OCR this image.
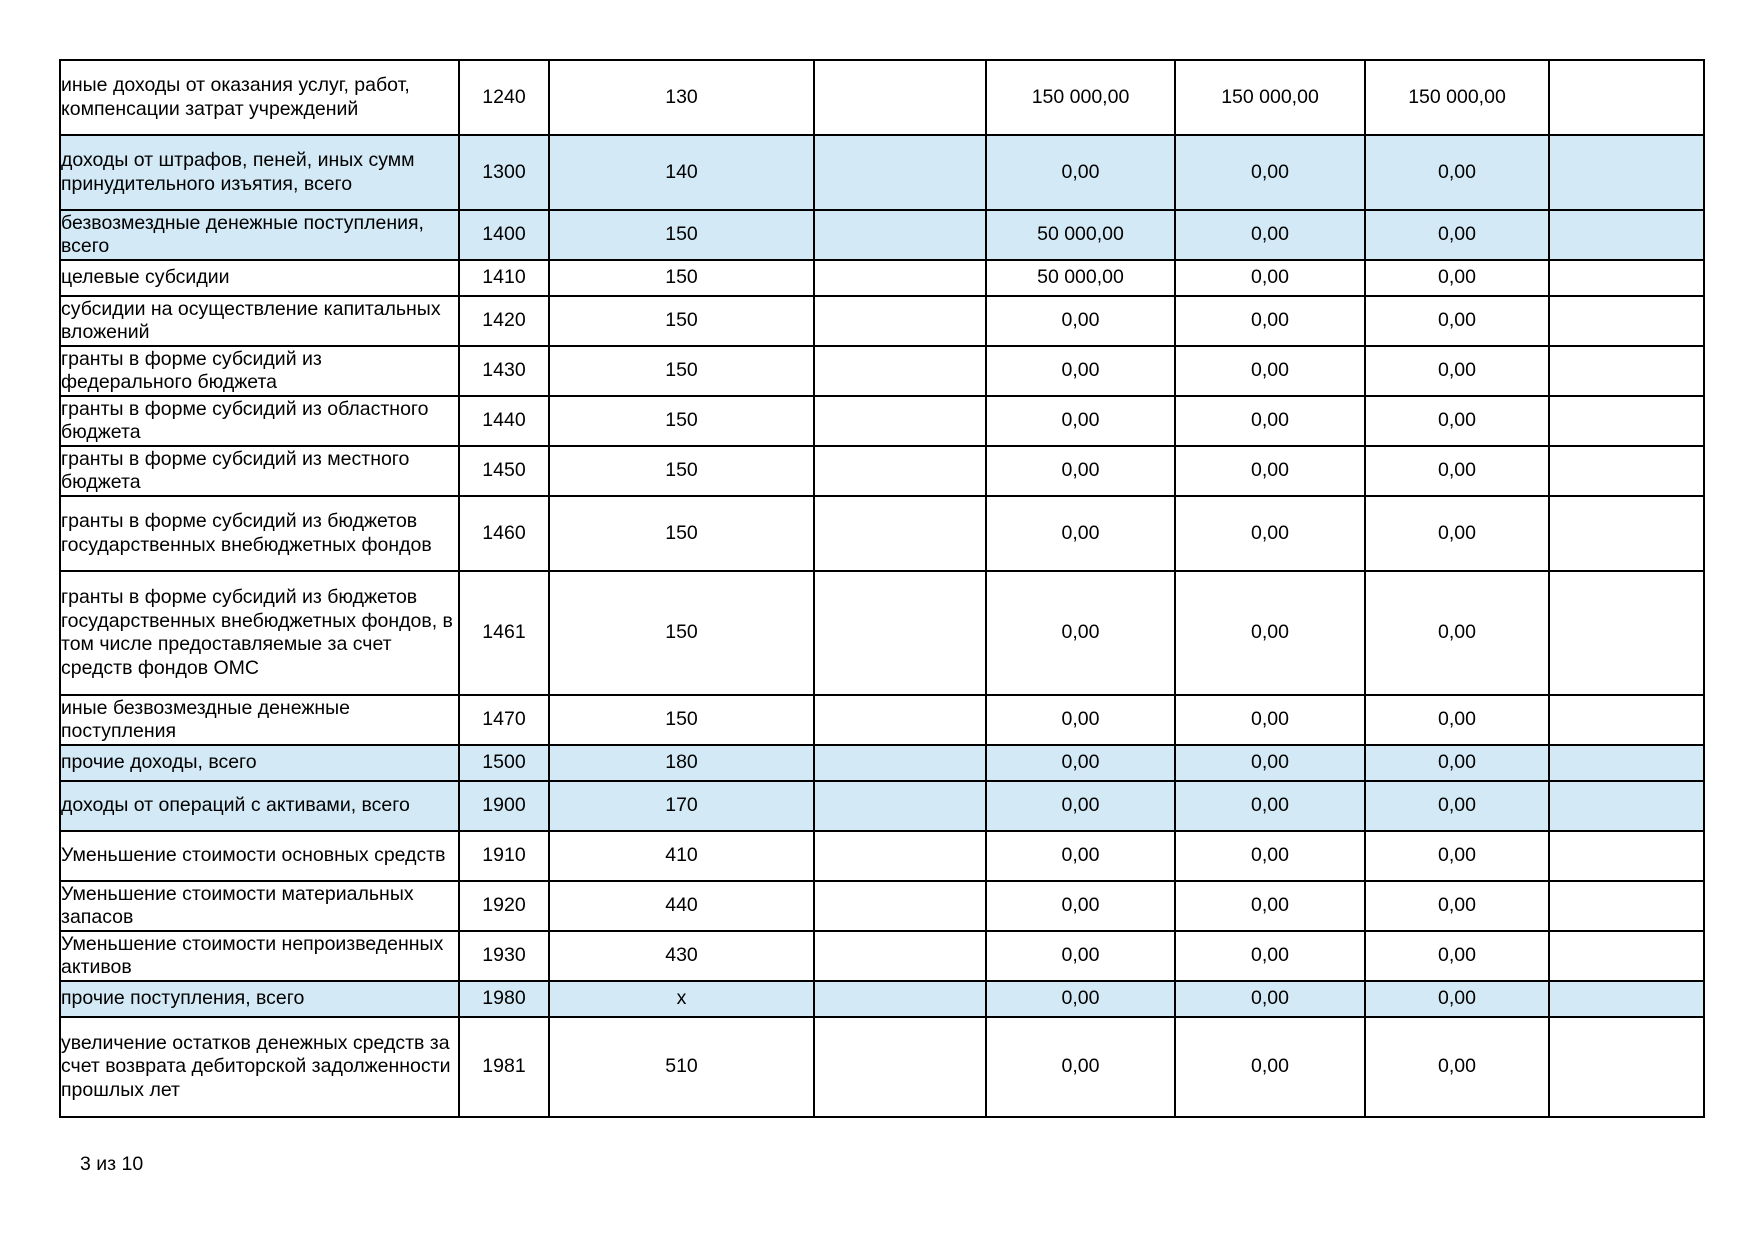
иные доходы от оказания услуг, работ, компенсации затрат учреждений	1240	130		150 000,00	150 000,00	150 000,00	
доходы от штрафов, пеней, иных сумм принудительного изъятия, всего	1300	140		0,00	0,00	0,00	
безвозмездные денежные поступления, всего	1400	150		50 000,00	0,00	0,00	
целевые субсидии	1410	150		50 000,00	0,00	0,00	
субсидии на осуществление капитальных вложений	1420	150		0,00	0,00	0,00	
гранты в форме субсидий из федерального бюджета	1430	150		0,00	0,00	0,00	
гранты в форме субсидий из областного бюджета	1440	150		0,00	0,00	0,00	
гранты в форме субсидий из местного бюджета	1450	150		0,00	0,00	0,00	
гранты в форме субсидий из бюджетов государственных внебюджетных фондов	1460	150		0,00	0,00	0,00	
гранты в форме субсидий из бюджетов государственных внебюджетных фондов, в том числе предоставляемые за счет средств фондов ОМС	1461	150		0,00	0,00	0,00	
иные безвозмездные денежные поступления	1470	150		0,00	0,00	0,00	
прочие доходы, всего	1500	180		0,00	0,00	0,00	
доходы от операций с активами, всего	1900	170		0,00	0,00	0,00	
Уменьшение стоимости основных средств	1910	410		0,00	0,00	0,00	
Уменьшение стоимости материальных запасов	1920	440		0,00	0,00	0,00	
Уменьшение стоимости непроизведенных активов	1930	430		0,00	0,00	0,00	
прочие поступления, всего	1980	x		0,00	0,00	0,00	
увеличение остатков денежных средств за счет возврата дебиторской задолженности прошлых лет	1981	510		0,00	0,00	0,00	
3 из 10
